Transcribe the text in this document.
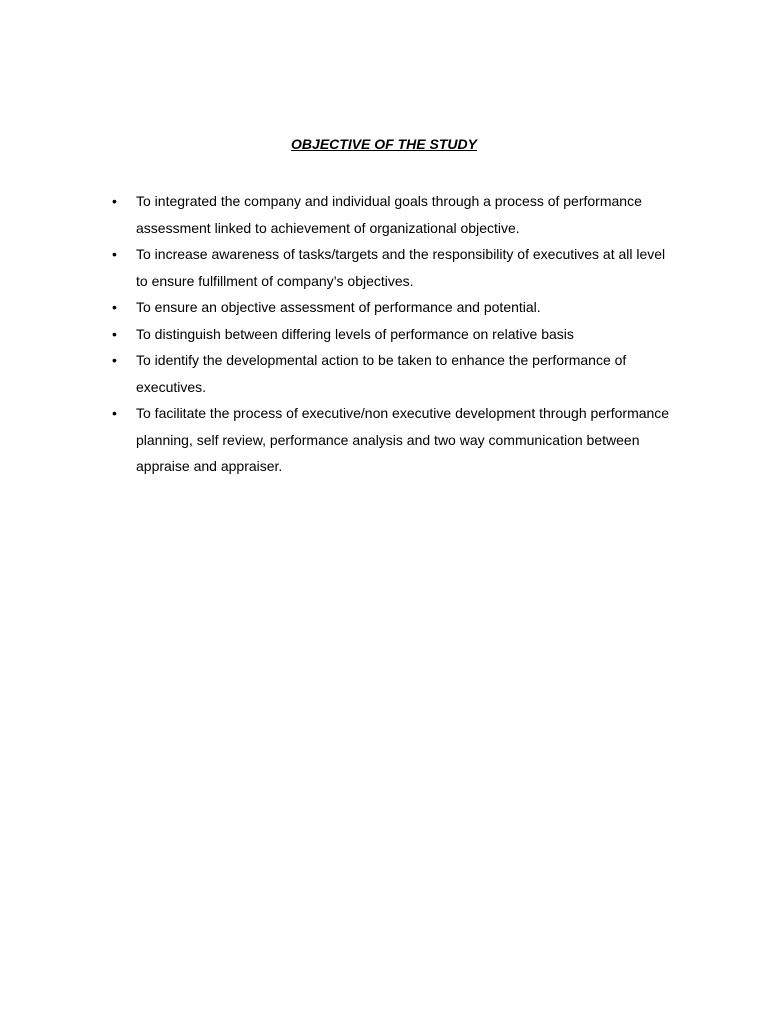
OBJECTIVE OF THE STUDY
• To integrated the company and individual goals through a process of performance assessment linked to achievement of organizational objective.
• To increase awareness of tasks/targets and the responsibility of executives at all level to ensure fulfillment of company’s objectives.
• To ensure an objective assessment of performance and potential.
• To distinguish between differing levels of performance on relative basis
• To identify the developmental action to be taken to enhance the performance of executives.
• To facilitate the process of executive/non executive development through performance planning, self review, performance analysis and two way communication between appraise and appraiser.
